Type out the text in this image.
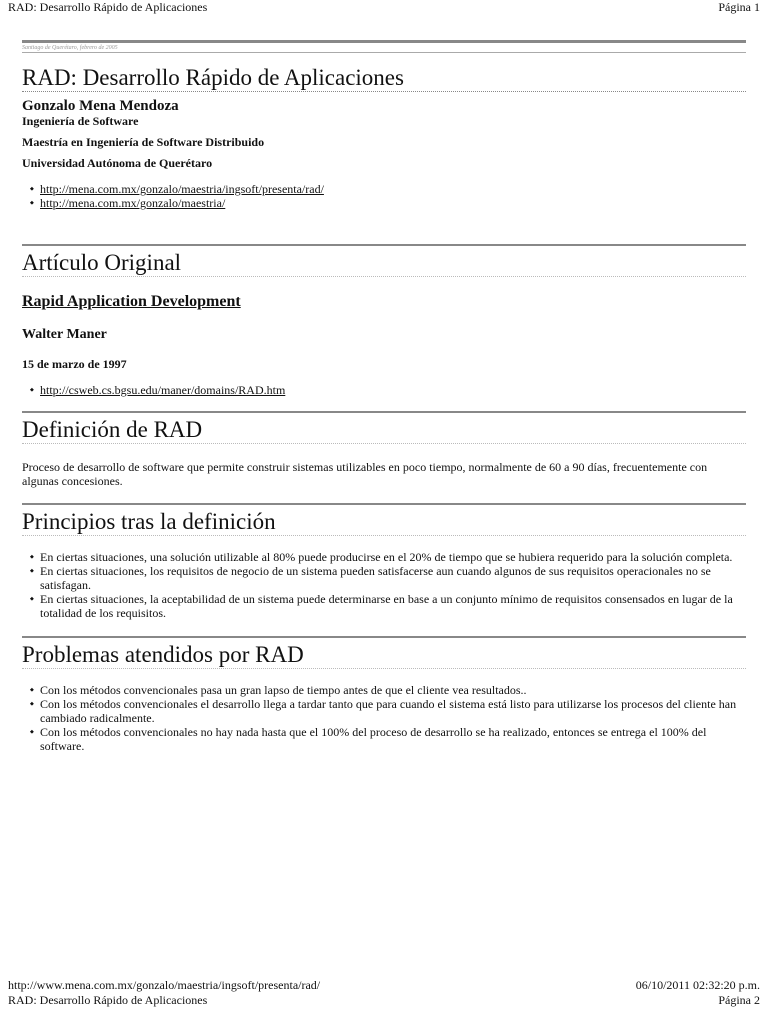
RAD: Desarrollo Rápido de Aplicaciones	Página 1
Santiago de Querétaro, febrero de 2005
RAD: Desarrollo Rápido de Aplicaciones

Gonzalo Mena Mendoza

Ingeniería de Software

Maestría en Ingeniería de Software Distribuido

Universidad Autónoma de Querétaro

◆ http://mena.com.mx/gonzalo/maestria/ingsoft/presenta/rad/
◆ http://mena.com.mx/gonzalo/maestria/
Artículo Original
Rapid Application Development

Walter Maner

15 de marzo de 1997

◆ http://csweb.cs.bgsu.edu/maner/domains/RAD.htm
Definición de RAD

Proceso de desarrollo de software que permite construir sistemas utilizables en poco tiempo, normalmente de 60 a 90 días, frecuentemente con algunas concesiones.

Principios tras la definición
◆ En ciertas situaciones, una solución utilizable al 80% puede producirse en el 20% de tiempo que se hubiera requerido para la solución completa.
◆ En ciertas situaciones, los requisitos de negocio de un sistema pueden satisfacerse aun cuando algunos de sus requisitos operacionales no se satisfagan.
◆ En ciertas situaciones, la aceptabilidad de un sistema puede determinarse en base a un conjunto mínimo de requisitos consensados en lugar de la totalidad de los requisitos.
Problemas atendidos por RAD
◆ Con los métodos convencionales pasa un gran lapso de tiempo antes de que el cliente vea resultados..
◆ Con los métodos convencionales el desarrollo llega a tardar tanto que para cuando el sistema está listo para utilizarse los procesos del cliente han cambiado radicalmente.
◆ Con los métodos convencionales no hay nada hasta que el 100% del proceso de desarrollo se ha realizado, entonces se entrega el 100% del software.
http://www.mena.com.mx/gonzalo/maestria/ingsoft/presenta/rad/	06/10/2011 02:32:20 p.m.
RAD: Desarrollo Rápido de Aplicaciones	Página 2
